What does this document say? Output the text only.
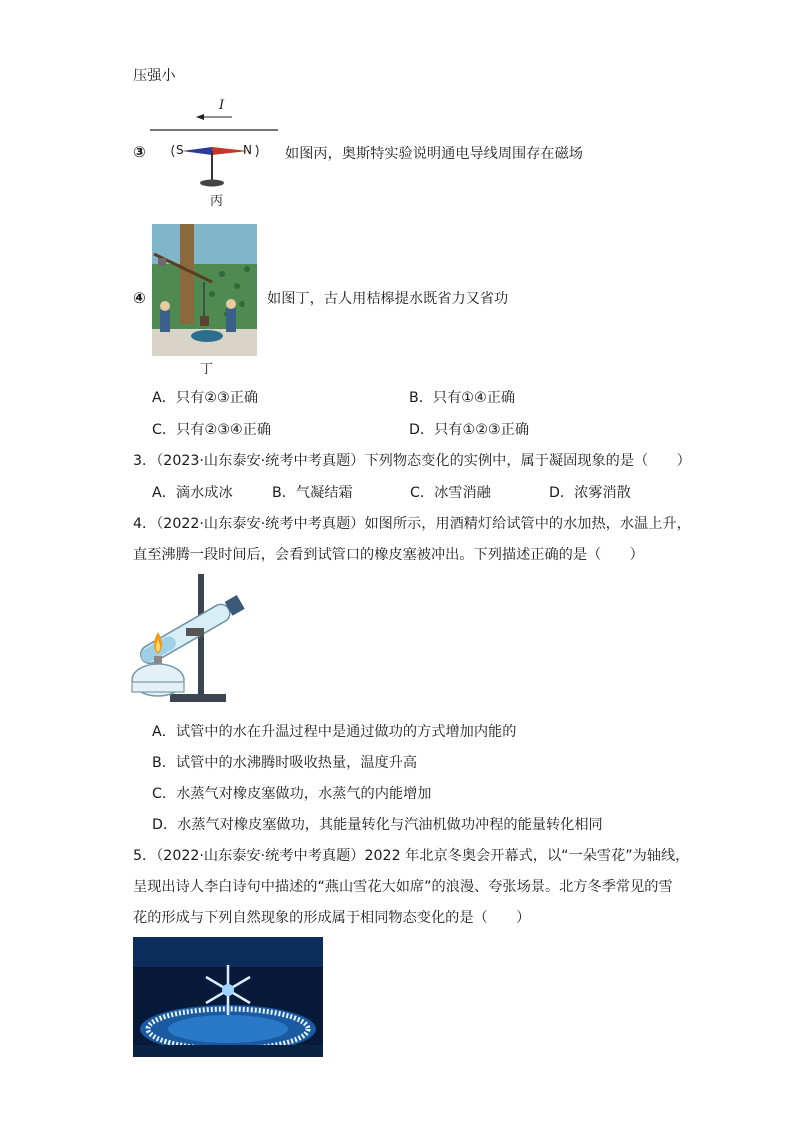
压强小
I
S	N
③	如图丙，奥斯特实验说明通电导线周围存在磁场
丙
④	如图丁，古人用桔槔提水既省力又省功
丁
A．只有②③正确	B．只有①④正确
C．只有②③④正确	D．只有①②③正确
3．（2023·山东泰安·统考中考真题）下列物态变化的实例中，属于凝固现象的是（　　）
A．滴水成冰	B．气凝结霜	C．冰雪消融	D．浓雾消散
4．（2022·山东泰安·统考中考真题）如图所示，用酒精灯给试管中的水加热，水温上升，
直至沸腾一段时间后，会看到试管口的橡皮塞被冲出。下列描述正确的是（　　）
A．试管中的水在升温过程中是通过做功的方式增加内能的
B．试管中的水沸腾时吸收热量，温度升高
C．水蒸气对橡皮塞做功，水蒸气的内能增加
D．水蒸气对橡皮塞做功，其能量转化与汽油机做功冲程的能量转化相同
5．（2022·山东泰安·统考中考真题）2022 年北京冬奥会开幕式，以“一朵雪花”为轴线，
呈现出诗人李白诗句中描述的“燕山雪花大如席”的浪漫、夸张场景。北方冬季常见的雪
花的形成与下列自然现象的形成属于相同物态变化的是（　　）
